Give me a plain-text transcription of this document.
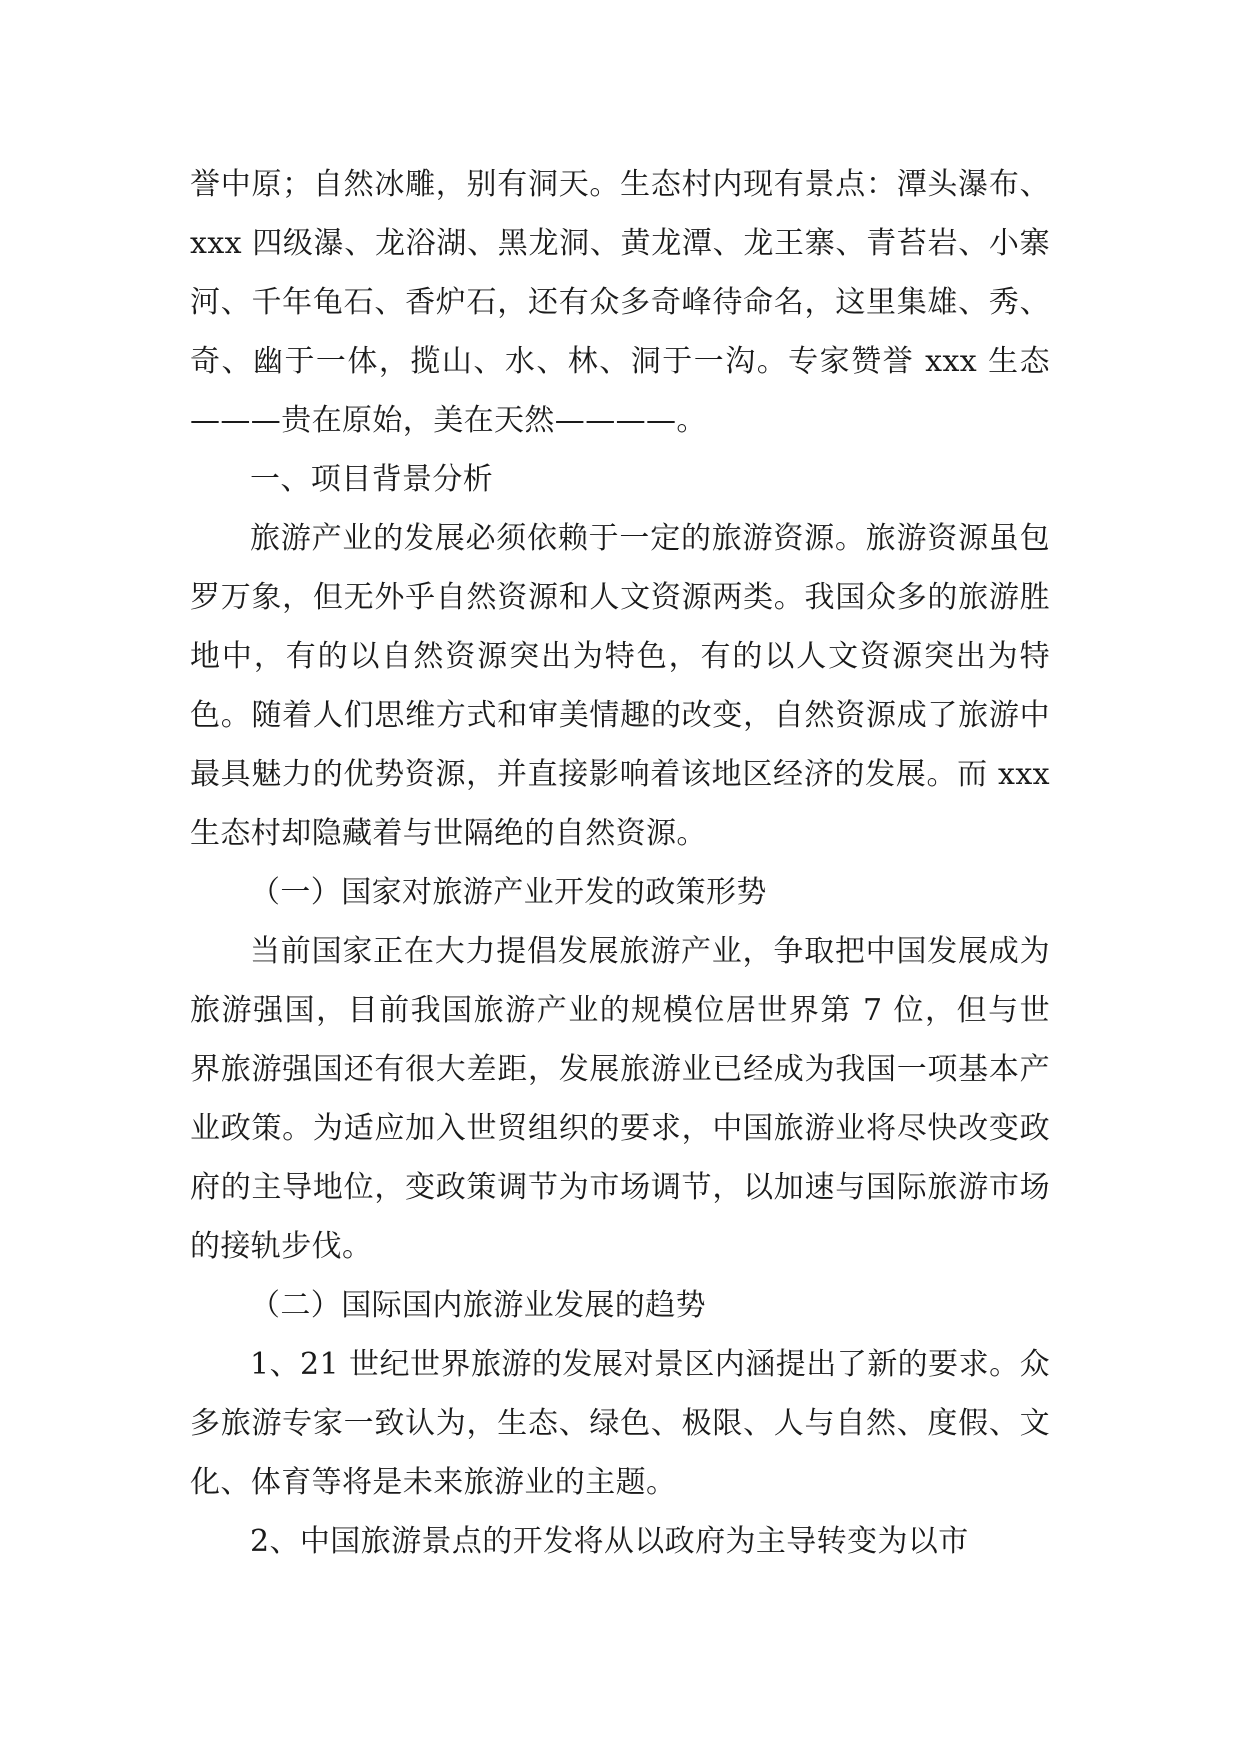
誉中原；自然冰雕，别有洞天。生态村内现有景点：潭头瀑布、xxx 四级瀑、龙浴湖、黑龙洞、黄龙潭、龙王寨、青苔岩、小寨河、千年龟石、香炉石，还有众多奇峰待命名，这里集雄、秀、奇、幽于一体，揽山、水、林、洞于一沟。专家赞誉 xxx 生态———贵在原始，美在天然————。

一、项目背景分析

旅游产业的发展必须依赖于一定的旅游资源。旅游资源虽包罗万象，但无外乎自然资源和人文资源两类。我国众多的旅游胜地中，有的以自然资源突出为特色，有的以人文资源突出为特色。随着人们思维方式和审美情趣的改变，自然资源成了旅游中最具魅力的优势资源，并直接影响着该地区经济的发展。而 xxx 生态村却隐藏着与世隔绝的自然资源。

（一）国家对旅游产业开发的政策形势

当前国家正在大力提倡发展旅游产业，争取把中国发展成为旅游强国，目前我国旅游产业的规模位居世界第 7 位，但与世界旅游强国还有很大差距，发展旅游业已经成为我国一项基本产业政策。为适应加入世贸组织的要求，中国旅游业将尽快改变政府的主导地位，变政策调节为市场调节，以加速与国际旅游市场的接轨步伐。

（二）国际国内旅游业发展的趋势

1、21 世纪世界旅游的发展对景区内涵提出了新的要求。众多旅游专家一致认为，生态、绿色、极限、人与自然、度假、文化、体育等将是未来旅游业的主题。

2、中国旅游景点的开发将从以政府为主导转变为以市
